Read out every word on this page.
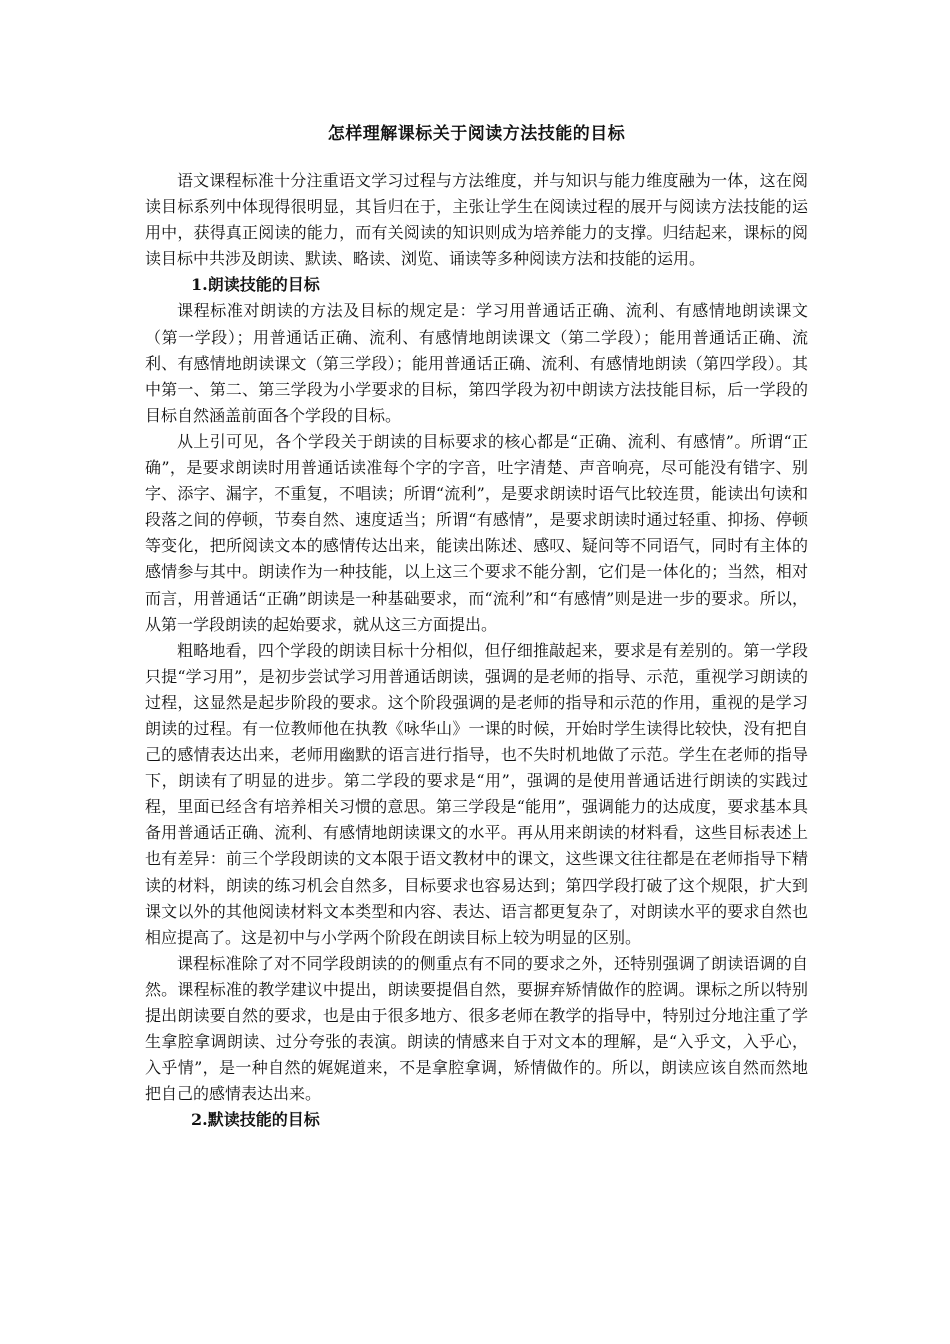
怎样理解课标关于阅读方法技能的目标

语文课程标准十分注重语文学习过程与方法维度，并与知识与能力维度融为一体，这在阅读目标系列中体现得很明显，其旨归在于，主张让学生在阅读过程的展开与阅读方法技能的运用中，获得真正阅读的能力，而有关阅读的知识则成为培养能力的支撑。归结起来，课标的阅读目标中共涉及朗读、默读、略读、浏览、诵读等多种阅读方法和技能的运用。

1.朗读技能的目标

课程标准对朗读的方法及目标的规定是：学习用普通话正确、流利、有感情地朗读课文（第一学段）；用普通话正确、流利、有感情地朗读课文（第二学段）；能用普通话正确、流利、有感情地朗读课文（第三学段）；能用普通话正确、流利、有感情地朗读（第四学段）。其中第一、第二、第三学段为小学要求的目标，第四学段为初中朗读方法技能目标，后一学段的目标自然涵盖前面各个学段的目标。

从上引可见，各个学段关于朗读的目标要求的核心都是“正确、流利、有感情”。所谓“正确”，是要求朗读时用普通话读准每个字的字音，吐字清楚、声音响亮，尽可能没有错字、别字、添字、漏字，不重复，不唱读；所谓“流利”，是要求朗读时语气比较连贯，能读出句读和段落之间的停顿，节奏自然、速度适当；所谓“有感情”，是要求朗读时通过轻重、抑扬、停顿等变化，把所阅读文本的感情传达出来，能读出陈述、感叹、疑问等不同语气，同时有主体的感情参与其中。朗读作为一种技能，以上这三个要求不能分割，它们是一体化的；当然，相对而言，用普通话“正确”朗读是一种基础要求，而“流利”和“有感情”则是进一步的要求。所以，从第一学段朗读的起始要求，就从这三方面提出。

粗略地看，四个学段的朗读目标十分相似，但仔细推敲起来，要求是有差别的。第一学段只提“学习用”，是初步尝试学习用普通话朗读，强调的是老师的指导、示范，重视学习朗读的过程，这显然是起步阶段的要求。这个阶段强调的是老师的指导和示范的作用，重视的是学习朗读的过程。有一位教师他在执教《咏华山》一课的时候，开始时学生读得比较快，没有把自己的感情表达出来，老师用幽默的语言进行指导，也不失时机地做了示范。学生在老师的指导下，朗读有了明显的进步。第二学段的要求是“用”，强调的是使用普通话进行朗读的实践过程，里面已经含有培养相关习惯的意思。第三学段是“能用”，强调能力的达成度，要求基本具备用普通话正确、流利、有感情地朗读课文的水平。再从用来朗读的材料看，这些目标表述上也有差异：前三个学段朗读的文本限于语文教材中的课文，这些课文往往都是在老师指导下精读的材料，朗读的练习机会自然多，目标要求也容易达到；第四学段打破了这个规限，扩大到课文以外的其他阅读材料文本类型和内容、表达、语言都更复杂了，对朗读水平的要求自然也相应提高了。这是初中与小学两个阶段在朗读目标上较为明显的区别。

课程标准除了对不同学段朗读的的侧重点有不同的要求之外，还特别强调了朗读语调的自然。课程标准的教学建议中提出，朗读要提倡自然，要摒弃矫情做作的腔调。课标之所以特别提出朗读要自然的要求，也是由于很多地方、很多老师在教学的指导中，特别过分地注重了学生拿腔拿调朗读、过分夸张的表演。朗读的情感来自于对文本的理解，是“入乎文，入乎心，入乎情”，是一种自然的娓娓道来，不是拿腔拿调，矫情做作的。所以，朗读应该自然而然地把自己的感情表达出来。

2.默读技能的目标
